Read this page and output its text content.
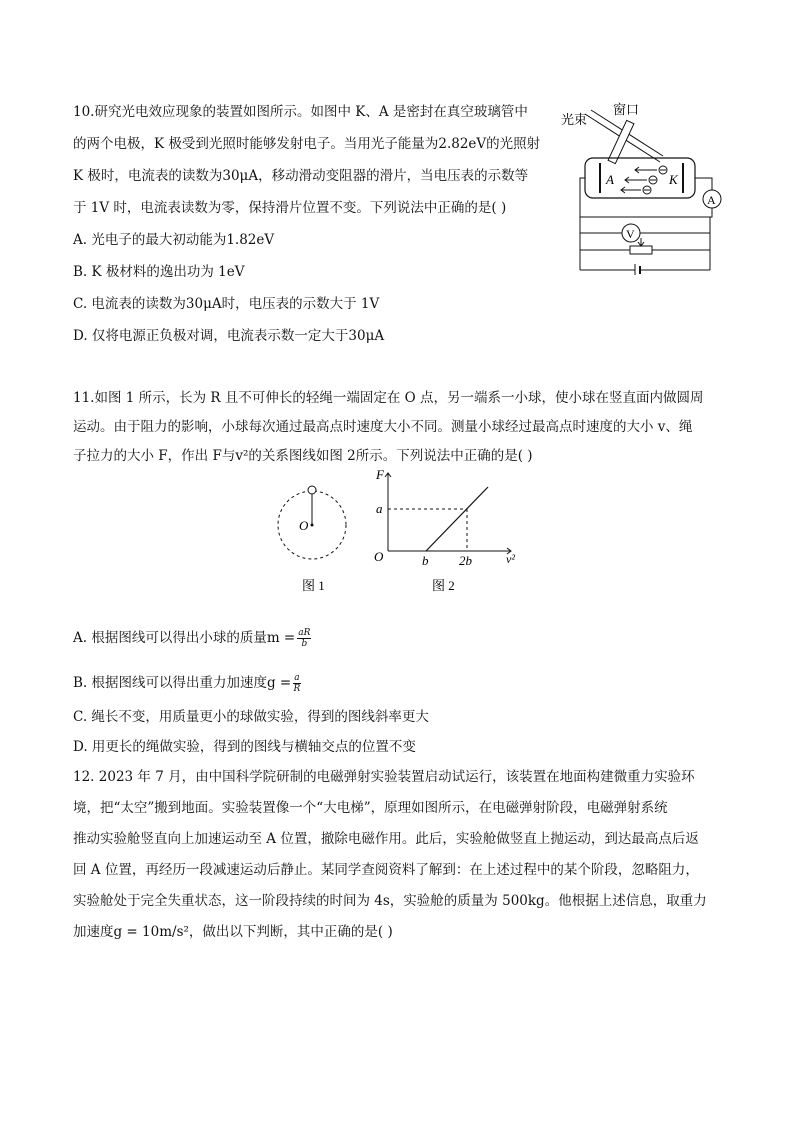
10.研究光电效应现象的装置如图所示。如图中 K、A 是密封在真空玻璃管中
的两个电极，K 极受到光照时能够发射电子。当用光子能量为2.82eV的光照射
K 极时，电流表的读数为30μA，移动滑动变阻器的滑片，当电压表的示数等
于 1V 时，电流表读数为零，保持滑片位置不变。下列说法中正确的是( )
A. 光电子的最大初动能为1.82eV
B. K 极材料的逸出功为 1eV
C. 电流表的读数为30μA时，电压表的示数大于 1V
D. 仅将电源正负极对调，电流表示数一定大于30μA
光束
窗口
A	K
A
V
11.如图 1 所示，长为 R 且不可伸长的轻绳一端固定在 O 点，另一端系一小球，使小球在竖直面内做圆周
运动。由于阻力的影响，小球每次通过最高点时速度大小不同。测量小球经过最高点时速度的大小 v、绳
子拉力的大小 F，作出 F与v²的关系图线如图 2所示。下列说法中正确的是( )
O
图 1
F
v²
O
a
b 2b
图 2
A. 根据图线可以得出小球的质量$m = \frac{aR}{b}$
B. 根据图线可以得出重力加速度$g = \frac{a}{R}$
C. 绳长不变，用质量更小的球做实验，得到的图线斜率更大
D. 用更长的绳做实验，得到的图线与横轴交点的位置不变
12. 2023 年 7 月，由中国科学院研制的电磁弹射实验装置启动试运行，该装置在地面构建微重力实验环
境，把“太空”搬到地面。实验装置像一个“大电梯”，原理如图所示，在电磁弹射阶段，电磁弹射系统
推动实验舱竖直向上加速运动至 A 位置，撤除电磁作用。此后，实验舱做竖直上抛运动，到达最高点后返
回 A 位置，再经历一段减速运动后静止。某同学查阅资料了解到：在上述过程中的某个阶段，忽略阻力，
实验舱处于完全失重状态，这一阶段持续的时间为 4s，实验舱的质量为 500kg。他根据上述信息，取重力
加速度g = 10m/s²，做出以下判断，其中正确的是( )
